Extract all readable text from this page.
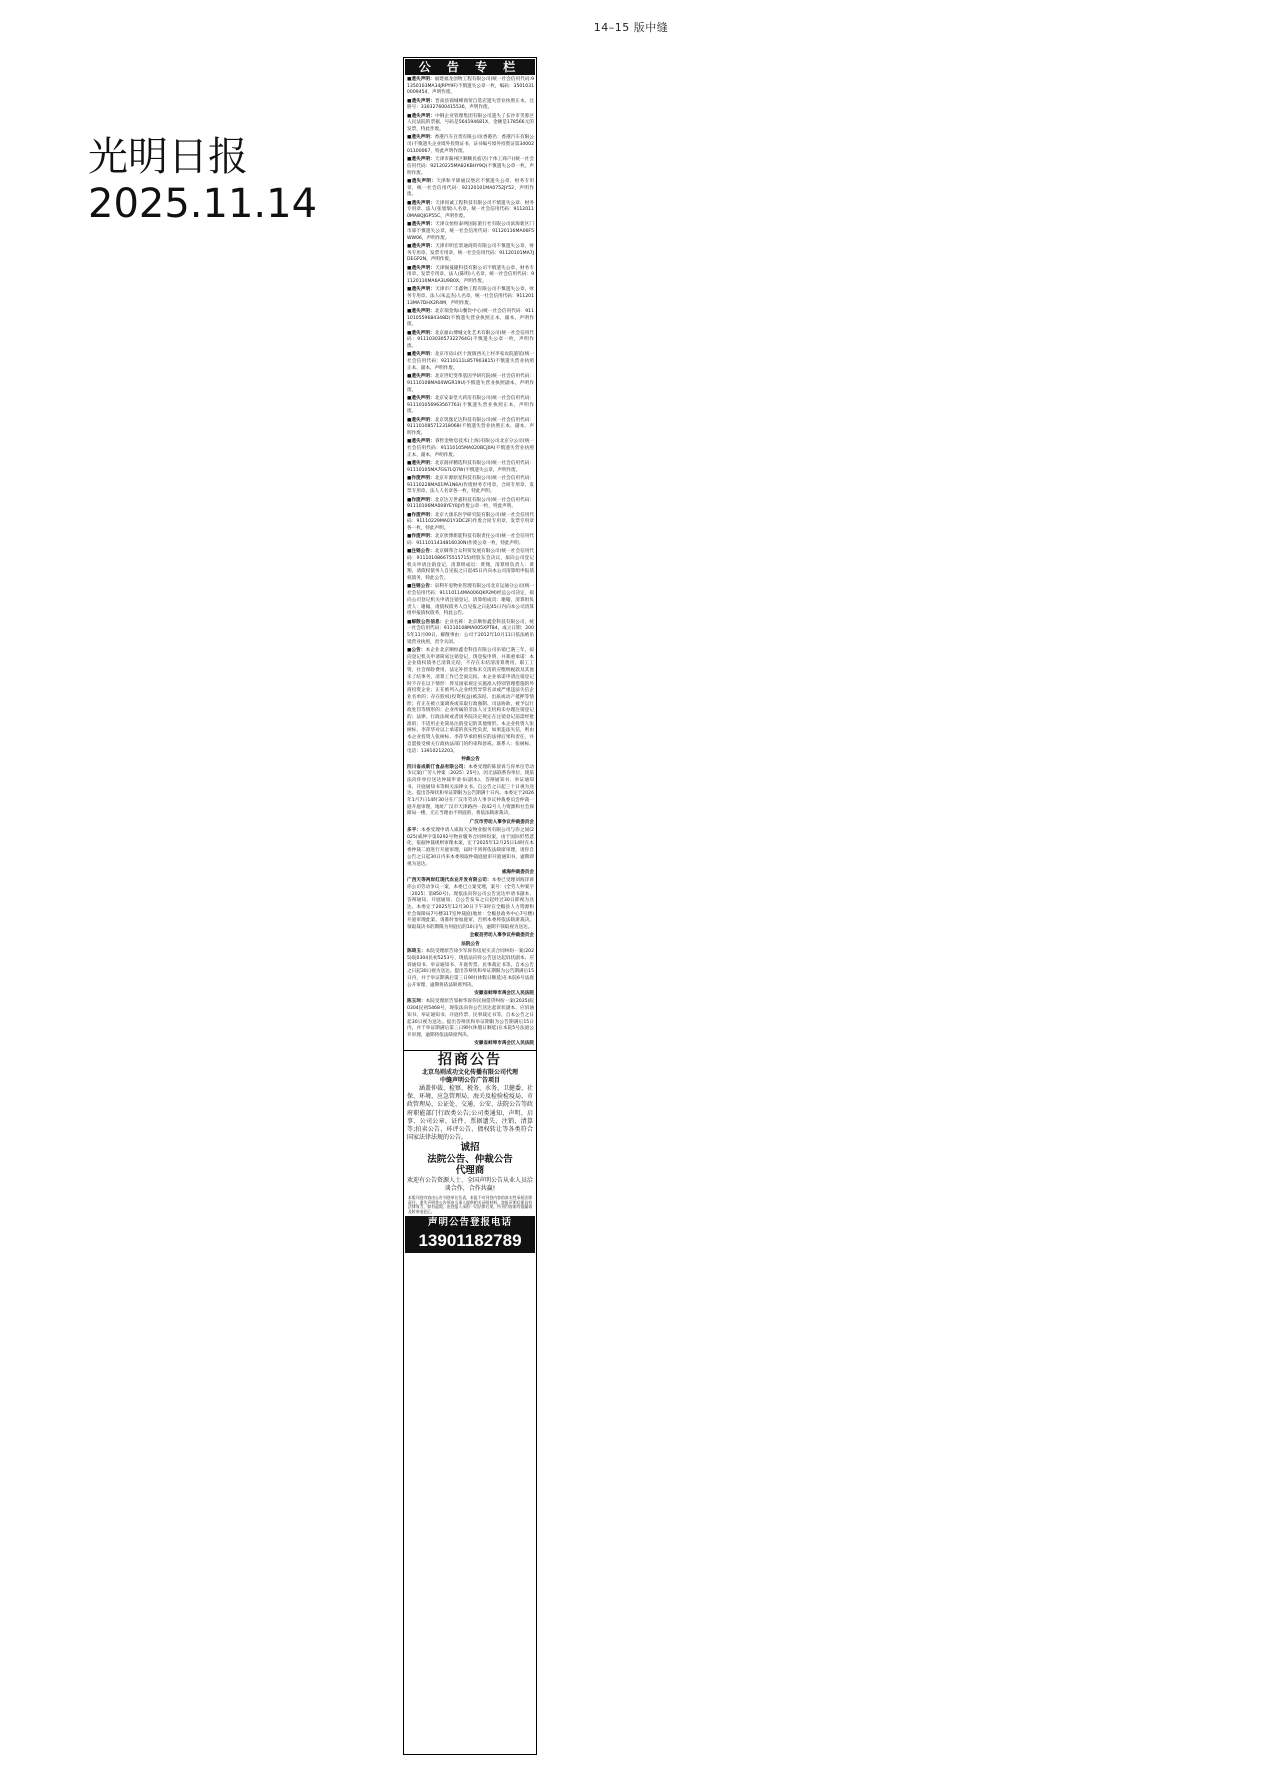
14–15 版中缝
光明日报
2025.11.14
公 告 专 栏
■遗失声明：福建福龙创物工程有限公司(统一社会信用代码:91350103MA34JRPY9F)不慎遗失公章一枚，编码：35010310009454，声明作废。
■遗失声明：晋南县锦城峰商贸自选店遗失营业执照正本，注册号：330327600415536，声明作废。
■遗失声明：中钢企业管理集团有限公司遗失了长沙市芙蓉区人民法院的票据，号码是564194681X，金额是178566元的发票，特此作废。
■遗失声明：香港汽车百货有限公司(香港名：香港汽车有限公司)不慎遗失企业境外投资证书，证书编号境外投资证第3400201100067，特此声明作废。
■遗失声明：天津市蓟州区顺顺民宿店(个体工商户)(统一社会信用代码：92120225MA82KBHY9Q)不慎遗失公章一枚，声明作废。
■遗失声明：天津和平锦通汉堡店不慎遗失公章、财务专用章，统一社会信用代码：92120101MA0752JY52，声明作废。
■遗失声明：天津同诚工程科技有限公司不慎遗失公章、财务专用章、法人(张旭瑞)人名章，统一社会信用代码：91120110MA8QJGP55C，声明作废。
■遗失声明：天津众恒恒泰网国际旅行社有限公司滨海新区门市部不慎遗失公章，统一社会信用代码：91120116MA06F5WW06，声明作废。
■遗失声明：天津市明宏景通商贸有限公司不慎遗失公章、财务专用章、发票专用章，统一社会信用代码：91120101MA7JDEGP2N，声明作废。
■遗失声明：天津锡晟隆科技有限公司不慎遗失公章、财务专用章、发票专用章、法人(陈明)人名章，统一社会信用代码：91120110MA6A3U9B0X，声明作废。
■遗失声明：天津市广丰鑫物工程有限公司不慎遗失公章、财务专用章、法人(朱孟杰)人名章，统一社会信用代码：91120113MA7DHX2R4M，声明作废。
■遗失声明：北京瑞金海山餐饮中心(统一社会信用代码：9111010559684348D)不慎遗失营业执照正本，副本，声明作废。
■遗失声明：北京福山博城文化艺术有限公司(统一社会信用代码：91110303057322764G)不慎遗失公章一枚，声明作废。
■遗失声明：北京市房山区十渡镇西关上村李家农院旅馆(统一社会信用代码：92110111L857903815)不慎遗失营业执照正本、副本，声明作废。
■遗失声明：北京世纪变革基因学研究院(统一社会信用代码：91110108MA04WGR19U)不慎遗失营业执照副本，声明作废。
■遗失声明：北京安泰堂大药房有限公司(统一社会信用代码：911101056963567763)不慎遗失营业执照正本，声明作废。
■遗失声明：北京筑逸亿达科技有限公司(统一社会信用代码：911101085712318068)不慎遗失营业执照正本、副本，声明作废。
■遗失声明：睿哲金物息技术(上海)有限公司北京分公司(统一社会信用代码：91110105MA020BCJ0A)不慎遗失营业执照正本、副本，声明作废。
■遗失声明：北京润祥精选科技有限公司(统一社会信用代码：91110105MA7GS7LQ7W)不慎遗失公章，声明作废。
■作废声明：北京开源原星科技有限公司(统一社会信用代码：91110228MA01PA1N6A)作废财务专用章、合同专用章、发票专用章、法人人名章各一枚，特此声明。
■作废声明：北京达万世嘉科技有限公司(统一社会信用代码：91110106MA008YEY0J)作废公章一枚，特此声明。
■作废声明：北京大康乐医学研究院有限公司(统一社会信用代码：91110229MA01Y3DC2F)作废合同专用章、发票专用章各一枚，特此声明。
■作废声明：北京欣博新能科技有限责任公司(统一社会信用代码：9111011434816030N)作废公章一枚，特此声明。
■注销公告：北京御邦合众科贸发展有限公司(统一社会信用代码：911101086675515715)经股东会决议，拟向公司登记机关申请注销登记，清算组成员：黄翔，清算组负责人：黄翔，请债权债务人自见报之日起45日内向本公司清算组申报债权债务，特此公告。
■注销公告：泉利开思物业管理有限公司北京运通分公司(统一社会信用代码：91110114MA006QKP2M)经总公司决定，拟向公司登记机关申请注销登记，清算组成员：谢翰，清算组负责人：谢翰，请债权债务人自见报之日起45日内向本公司清算组申报债权债务，特此公告。
■解散公告信息：企业名称：北京顺恒鑫金科技有限公司，统一社会信用代码：91110108MA005XPT84，成立日期：2005年11月09日，解散事由：公司于2012年10月11日依法被吊销营业执照，责令关闭。
■公告：本企业北京顺恒鑫金科技有限公司吊销已满三年，拟向登记机关申请简易注销登记，现登报申明，并郑重承诺：本企业债权债务已清算完结，不存在未结清清算费用、职工工资、社会保险费用、法定补偿金和未交清的应缴纳税款及其他未了结事务，清算工作已全面完结。本企业承诺申请注销登记时不存在以下情形：涉及国家规定实施准入特别管理措施的外商投资企业；正在被列入企业经营异常名录或严重违法失信企业名单的；存在股权(投资权益)被冻结、出质或动产抵押等情形；有正在被立案调查或采取行政强制、司法协助、被予以行政处罚等情形的；企业所属的非法人分支机构未办理注销登记的；法律、行政法规或者国务院决定规定在注销登记前需经批准的；不适用企业简易注销登记的其他情形。本企业投资人张树标、李萍华对以上承诺的真实性负责，如果违法失信，则由本企业投资人张树标、李萍华承担相应的法律后果和责任，并自愿接受相关行政执法部门的约束和惩戒。联系人：张树标，电话：13910212203。
仲裁公告
四川省成新汀食品有限公司：本委受理的陈晨诉与你单位劳动争议案(广劳人仲案〔2025〕25号)，因无法联系你单位，现依法向你单位送达仲裁申请书(副本)、答辩通知书、举证通知书、开庭通知书等相关法律文书。自公告之日起三十日视为送达。提出答辩状和举证期限为公告期满十日内。本委定于2026年1月7日14时30分在广汉市劳动人事争议仲裁委员会仲裁一庭开庭审理，地址广汉市天津路西一段42号人力资源和社会保障局一楼，无正当理由不到庭的，将依法缺席裁决。
广汉市劳动人事争议仲裁委员会
多平：本委受理申请人威海天安物业服务有限公司与你之间(2025)威仲字第0292号物业服务合同纠纷案，由于国际形势恶化，依据仲裁规则审理本案，定于2025年12月25日14时在本委仲裁二庭进行开庭审理，届时不到将依法缺席审理，请你自公告之日起30日内来本委领取仲裁庭庭审开庭通知书，逾期即视为送达。
威海仲裁委员会
广西天等两岸红现代农业开发有限公司：本委已受理刘海洋诉你公司劳动争议一案，本委已立案受理，案号：(全劳人仲案字〔2025〕第850号)。现依法向你公司公告送达申请书副本、答辩通知、开庭通知，自公告发布之日起经过30日即视为送达。本委定于2025年12月30日下午3时在全椒县人力资源和社会保障局7号楼317室仲裁庭(地址：全椒县政务中心7号楼)开庭审理此案。请准时参加庭审，否则本委将依法缺席裁决。领取裁决书的期限为何庭后的10日内，逾期不领取视为送达。
全椒县劳动人事争议仲裁委员会
法院公告
陈琦玉：本院受理原告徐少军诉你房屋买卖合同纠纷一案(2025)皖0304民初5253号，现依法向你公告送达起诉状副本、应诉通知书、举证通知书、开庭传票、民事裁定书等。自本公告之日起30日视为送达。提出答辩状和举证期限为公告期满后15日内，并于举证期满后第三日9时(休假日顺延)在本院6号法庭公开审理，逾期将依法缺席判决。
安徽省蚌埠市禹会区人民法院
陈玉珂：本院受理原告邹树华诉你民间借贷纠纷一案(2025)皖0304民初5468号，现依法向你公告送达起诉状副本、应诉通知书、举证通知书、开庭传票、民事裁定书等。自本公告之日起30日视为送达。提出答辩状和举证期限为公告期满后15日内，并于举证期满后第三日9时(休假日顺延)在本院5号法庭公开审理，逾期将依法缺席判决。
安徽省蚌埠市禹会区人民法院
招商公告
北京鸟则成功文化传播有限公司代理
中缝声明公告广告项目
涵盖仲裁、检察、税务、水务、卫健委、社保、环境、应急管理局、海关及检验检疫局、市政管理局、公证处、交通、公安、法院公告等政府职能部门行政类公告;公司类通知、声明、启事、公司公章、证件、票据遗失、注销、清算等;拍卖公告、环评公告、债权转让等各类符合国家法律法规的公告。
诚招
法院公告、仲裁公告
代理商
欢迎有公告资源人士、全国声明公告从业人员洽谈合作，合作共赢!
本版刊登内容由公告刊登单位负责，本报不对刊登内容的真实性承担法律责任。遗失声明类公告须由当事人提供相关证明材料，登报声明后即具有法律效力，如有虚假，由登报人承担一切法律后果。所刊内容如有错漏请及时来电更正。
声明公告登报电话
13901182789
